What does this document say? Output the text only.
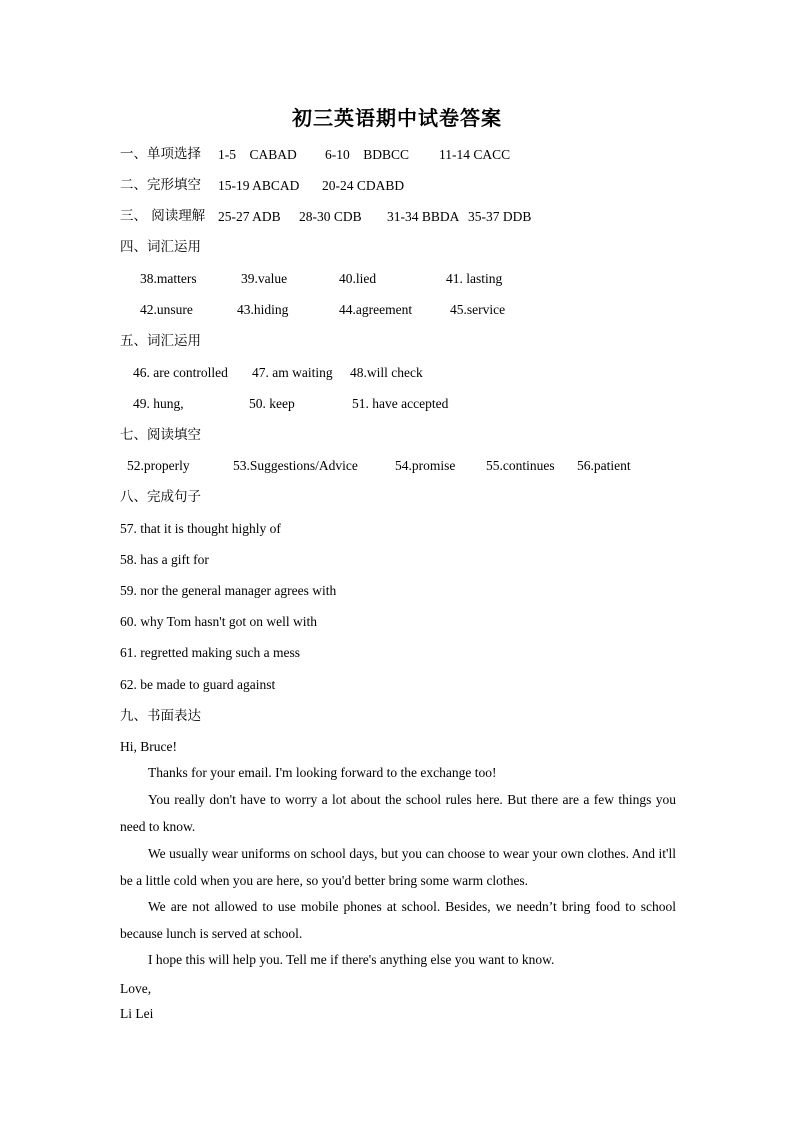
初三英语期中试卷答案
一、单项选择 1-5    CABAD 6-10    BDBCC 11-14 CACC
二、完形填空 15-19 ABCAD 20-24 CDABD
三、 阅读理解 25-27 ADB 28-30 CDB 31-34 BBDA 35-37 DDB
四、词汇运用
38.matters	39.value	40.lied	41. lasting
42.unsure	43.hiding	44.agreement	45.service
五、词汇运用
46. are controlled 47. am waiting 48.will check
49. hung,	50. keep	51. have accepted
七、阅读填空
52.properly	53.Suggestions/Advice	54.promise 55.continues 56.patient
八、完成句子
57. that it is thought highly of
58. has a gift for
59. nor the general manager agrees with
60. why Tom hasn't got on well with
61. regretted making such a mess
62. be made to guard against
九、书面表达
Hi, Bruce!

Thanks for your email. I'm looking forward to the exchange too!

You really don't have to worry a lot about the school rules here. But there are a few things you need to know.

We usually wear uniforms on school days, but you can choose to wear your own clothes. And it'll be a little cold when you are here, so you'd better bring some warm clothes.

We are not allowed to use mobile phones at school. Besides, we needn’t bring food to school because lunch is served at school.

I hope this will help you. Tell me if there's anything else you want to know.

Love,
Li Lei
